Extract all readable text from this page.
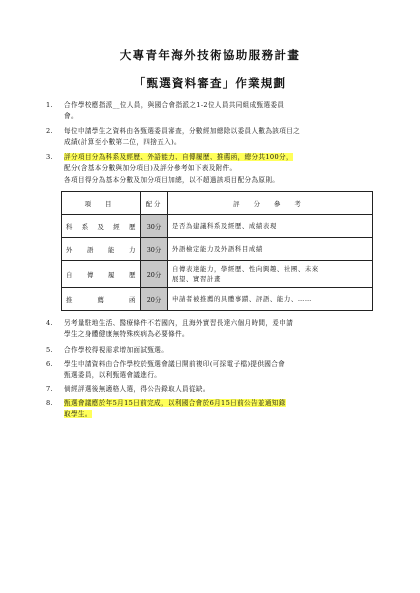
大專青年海外技術協助服務計畫
「甄選資料審查」作業規劃
1.	合作學校應指派__位人員，與國合會指派之1-2位人員共同組成甄選委員
會。
2.	每位申請學生之資料由各甄選委員審查，分數經加總除以委員人數為該項目之
成績(計算至小數第二位，四捨五入)。
3.	評分項目分為科系及經歷、外語能力、自傳履歷、推薦函，總分共100分，
配分(含基本分數與加分項目)及評分參考如下表及附件。
各項目得分為基本分數及加分項目加總，以不超過該項目配分為原則。
項 目	配分	評 分 參 考
科系及經歷	30分	是否為建議科系及經歷、成績表現
外語能力	30分	外語檢定能力及外語科目成績
自傳履歷	20分	自傳表達能力，學經歷、性向興趣、社團、未來
展望、實習計畫
推薦函	20分	申請者被推薦的具體事蹟、評語、能力、……
4.	另考量駐地生活、醫療條件不若國內，且海外實習長達六個月時間，爰申請
學生之身體健康無特殊疾病為必要條件。
5.	合作學校得視需求增加面試甄選。
6.	學生申請資料由合作學校於甄選會議日開前複印(可採電子檔)提供國合會
甄選委員，以利甄選會議進行。
7.	倘經評選後無適格人選，得公告錄取人員從缺。
8.	甄選會議應於年5月15日前完成，以利國合會於6月15日前公告並通知錄
取學生。
